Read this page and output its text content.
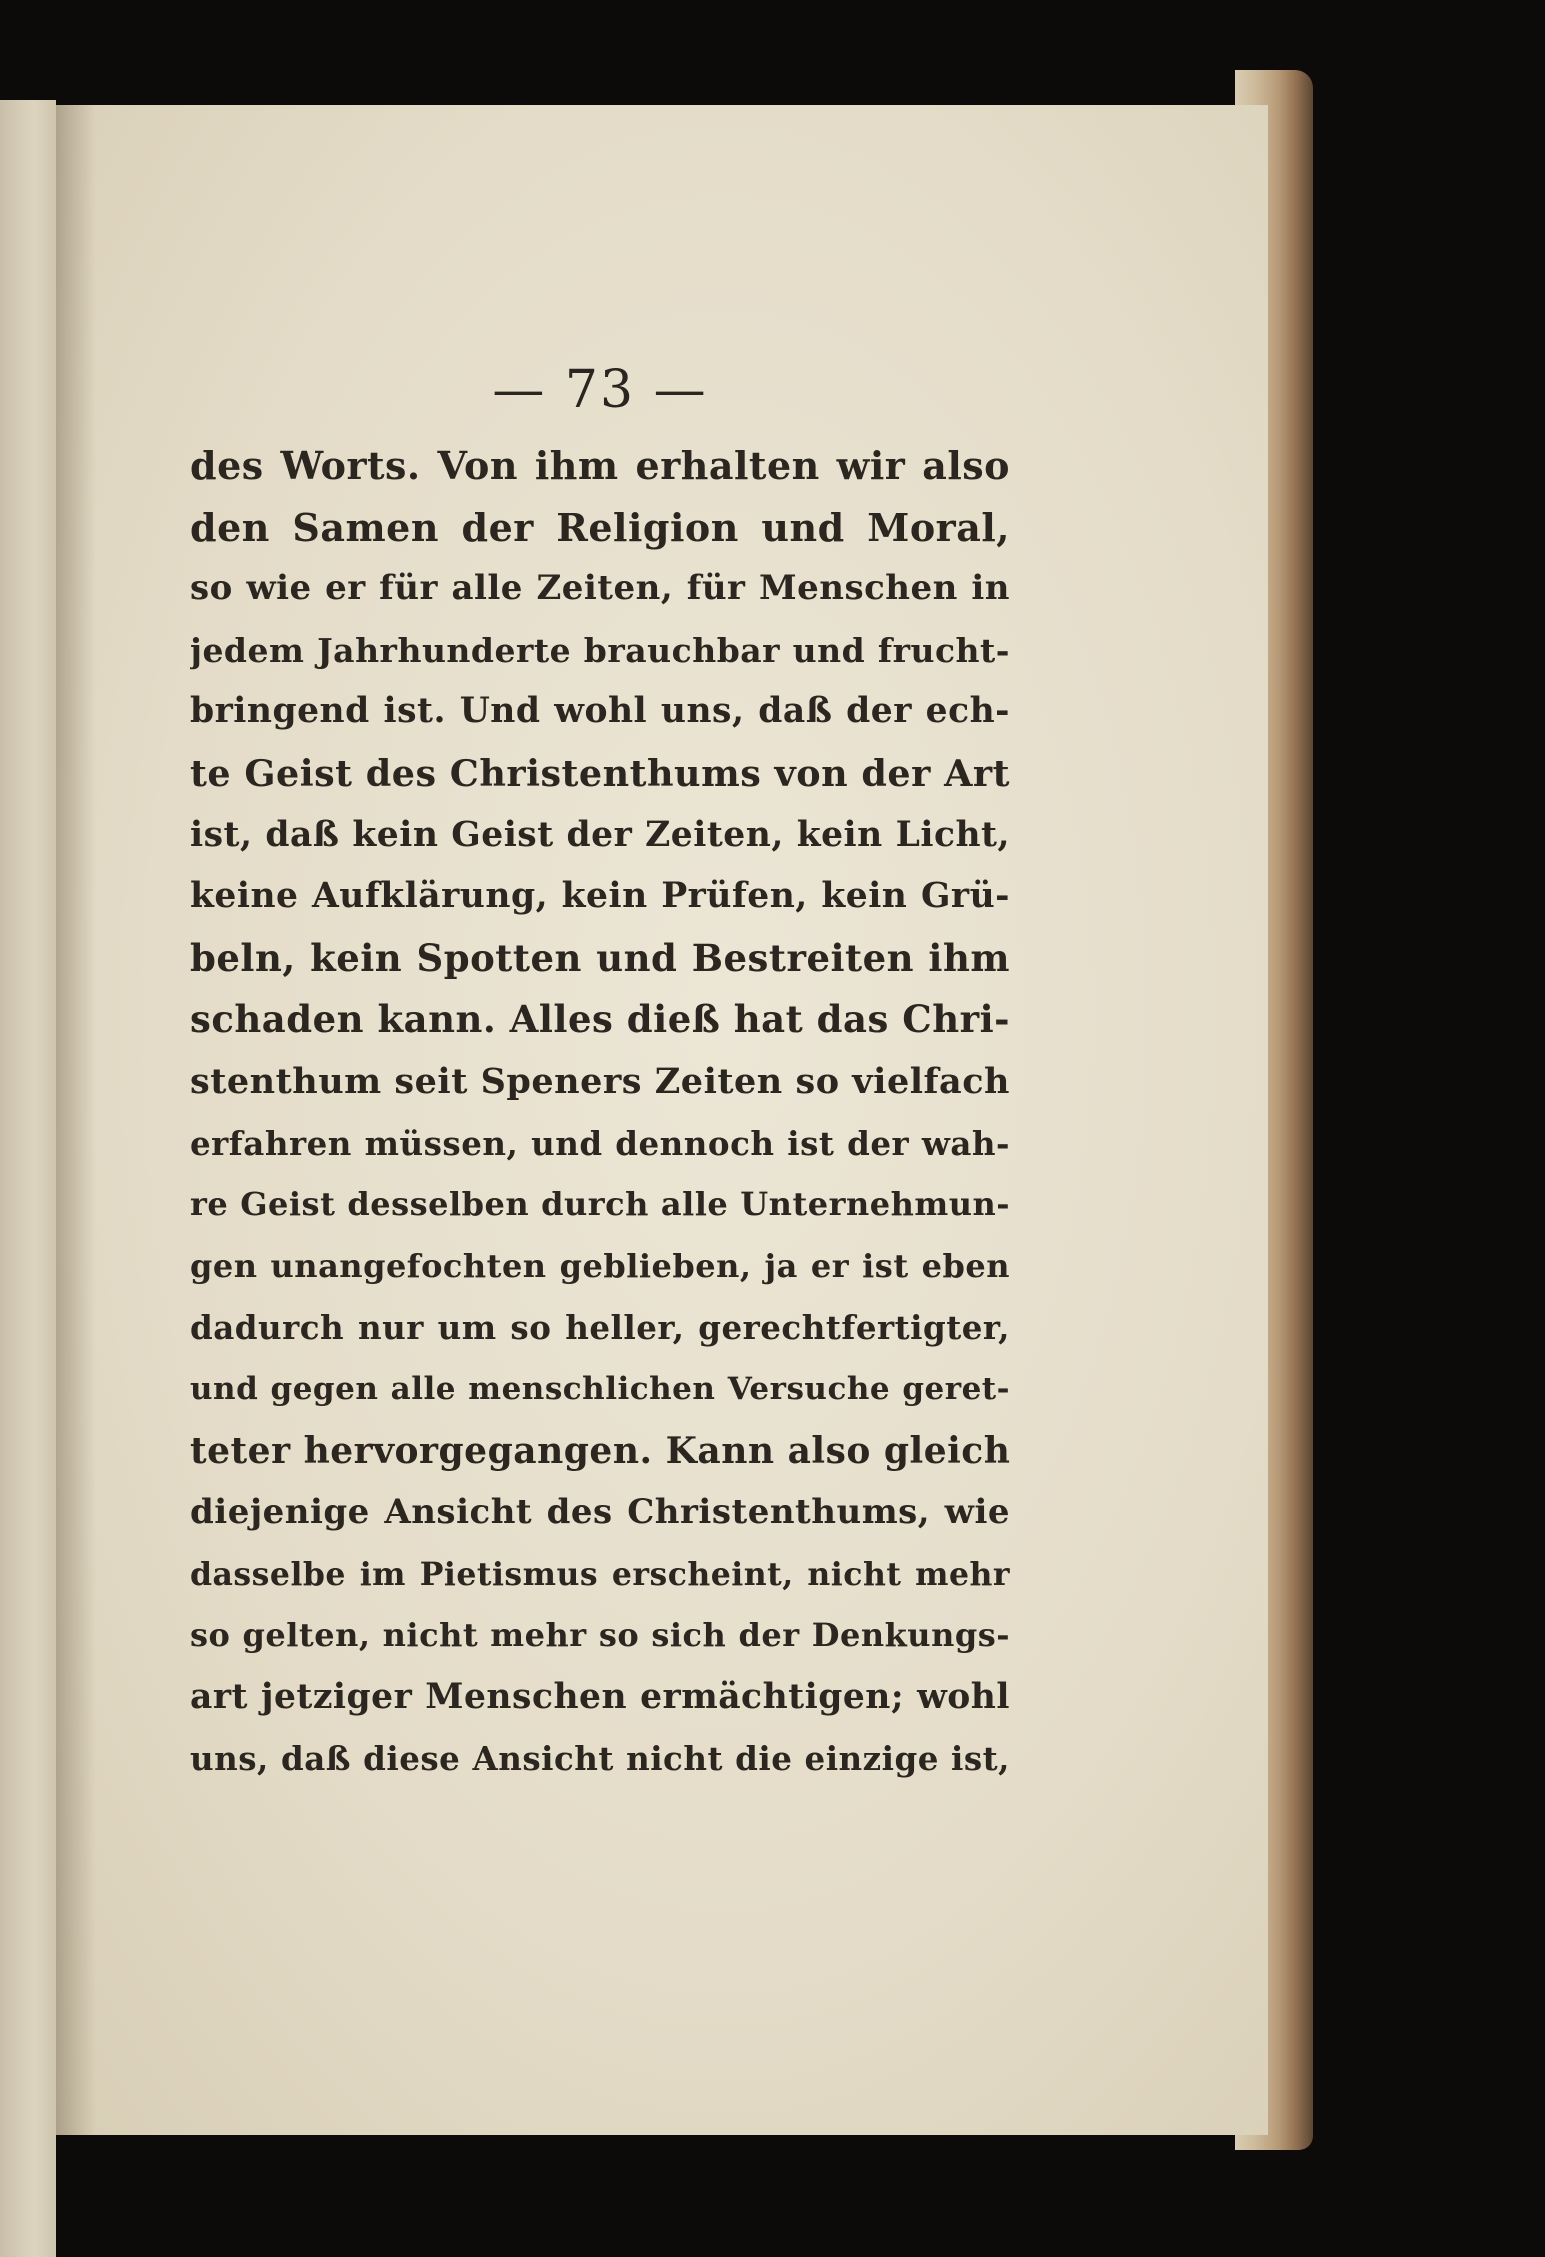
— 73 —
des Worts. Von ihm erhalten wir also
den Samen der Religion und Moral,
so wie er für alle Zeiten, für Menschen in
jedem Jahrhunderte brauchbar und frucht-
bringend ist. Und wohl uns, daß der ech-
te Geist des Christenthums von der Art
ist, daß kein Geist der Zeiten, kein Licht,
keine Aufklärung, kein Prüfen, kein Grü-
beln, kein Spotten und Bestreiten ihm
schaden kann. Alles dieß hat das Chri-
stenthum seit Speners Zeiten so vielfach
erfahren müssen, und dennoch ist der wah-
re Geist desselben durch alle Unternehmun-
gen unangefochten geblieben, ja er ist eben
dadurch nur um so heller, gerechtfertigter,
und gegen alle menschlichen Versuche geret-
teter hervorgegangen. Kann also gleich
diejenige Ansicht des Christenthums, wie
dasselbe im Pietismus erscheint, nicht mehr
so gelten, nicht mehr so sich der Denkungs-
art jetziger Menschen ermächtigen; wohl
uns, daß diese Ansicht nicht die einzige ist,
